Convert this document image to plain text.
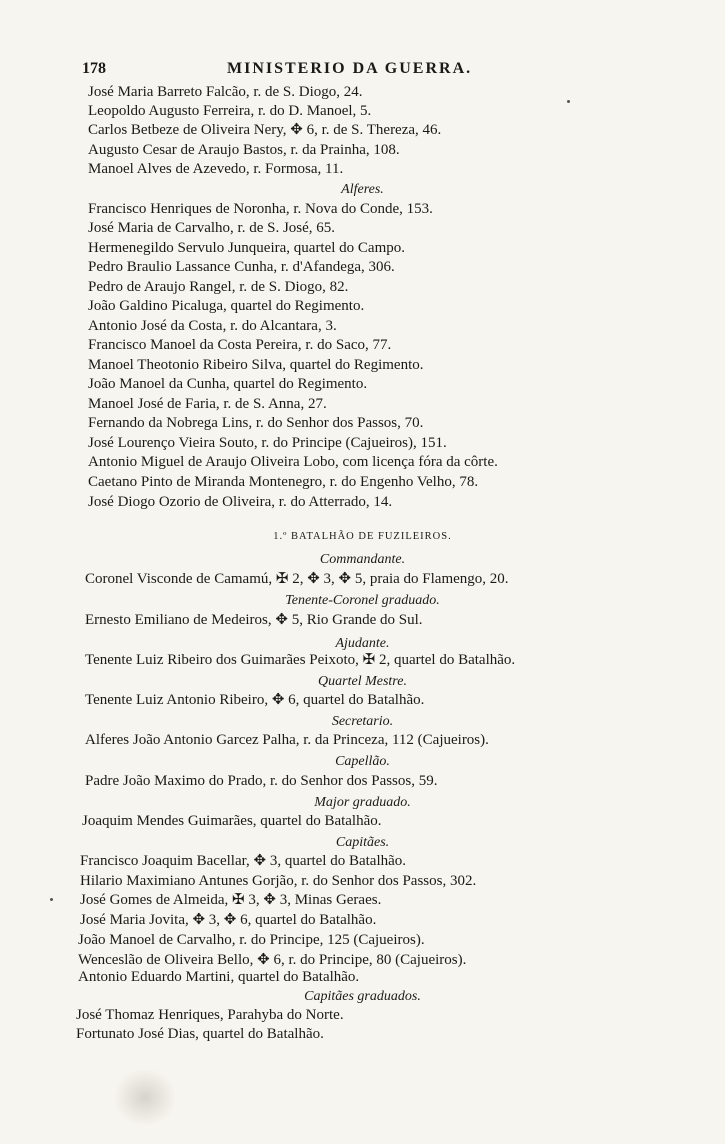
178	MINISTERIO DA GUERRA.
José Maria Barreto Falcão, r. de S. Diogo, 24.
Leopoldo Augusto Ferreira, r. do D. Manoel, 5.
Carlos Betbeze de Oliveira Nery, ✥ 6, r. de S. Thereza, 46.
Augusto Cesar de Araujo Bastos, r. da Prainha, 108.
Manoel Alves de Azevedo, r. Formosa, 11.
Alferes.
Francisco Henriques de Noronha, r. Nova do Conde, 153.
José Maria de Carvalho, r. de S. José, 65.
Hermenegildo Servulo Junqueira, quartel do Campo.
Pedro Braulio Lassance Cunha, r. d'Afandega, 306.
Pedro de Araujo Rangel, r. de S. Diogo, 82.
João Galdino Picaluga, quartel do Regimento.
Antonio José da Costa, r. do Alcantara, 3.
Francisco Manoel da Costa Pereira, r. do Saco, 77.
Manoel Theotonio Ribeiro Silva, quartel do Regimento.
João Manoel da Cunha, quartel do Regimento.
Manoel José de Faria, r. de S. Anna, 27.
Fernando da Nobrega Lins, r. do Senhor dos Passos, 70.
José Lourenço Vieira Souto, r. do Principe (Cajueiros), 151.
Antonio Miguel de Araujo Oliveira Lobo, com licença fóra da côrte.
Caetano Pinto de Miranda Montenegro, r. do Engenho Velho, 78.
José Diogo Ozorio de Oliveira, r. do Atterrado, 14.
1.º BATALHÃO DE FUZILEIROS.
Commandante.
Coronel Visconde de Camamú, ✠ 2, ✥ 3, ✥ 5, praia do Flamengo, 20.
Tenente-Coronel graduado.
Ernesto Emiliano de Medeiros, ✥ 5, Rio Grande do Sul.
Ajudante.
Tenente Luiz Ribeiro dos Guimarães Peixoto, ✠ 2, quartel do Batalhão.
Quartel Mestre.
Tenente Luiz Antonio Ribeiro, ✥ 6, quartel do Batalhão.
Secretario.
Alferes João Antonio Garcez Palha, r. da Princeza, 112 (Cajueiros).
Capellão.
Padre João Maximo do Prado, r. do Senhor dos Passos, 59.
Major graduado.
Joaquim Mendes Guimarães, quartel do Batalhão.
Capitães.
Francisco Joaquim Bacellar, ✥ 3, quartel do Batalhão.
Hilario Maximiano Antunes Gorjão, r. do Senhor dos Passos, 302.
José Gomes de Almeida, ✠ 3, ✥ 3, Minas Geraes.
José Maria Jovita, ✥ 3, ✥ 6, quartel do Batalhão.
João Manoel de Carvalho, r. do Principe, 125 (Cajueiros).
Wenceslão de Oliveira Bello, ✥ 6, r. do Principe, 80 (Cajueiros).
Antonio Eduardo Martini, quartel do Batalhão.
Capitães graduados.
José Thomaz Henriques, Parahyba do Norte.
Fortunato José Dias, quartel do Batalhão.
